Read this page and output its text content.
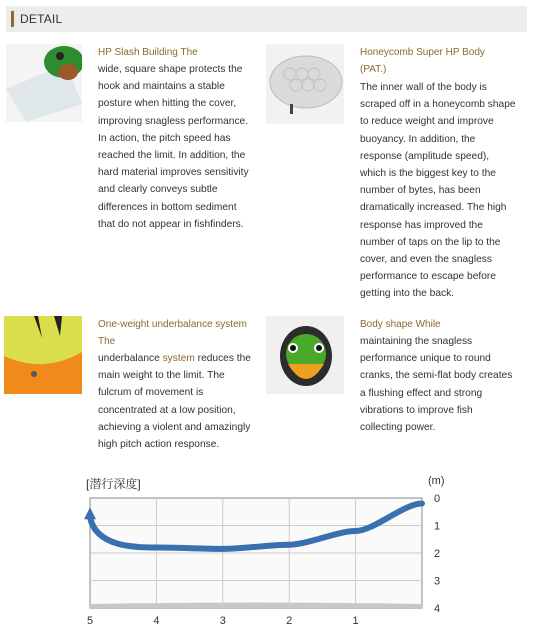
DETAIL
HP Slash Building The
wide, square shape protects the
hook and maintains a stable
posture when hitting the cover,
improving snagless performance.
In action, the pitch speed has
reached the limit. In addition, the
hard material improves sensitivity
and clearly conveys subtle
differences in bottom sediment
that do not appear in fishfinders.
Honeycomb Super HP Body
(PAT.)
The inner wall of the body is
scraped off in a honeycomb shape
to reduce weight and improve
buoyancy. In addition, the
response (amplitude speed),
which is the biggest key to the
number of bytes, has been
dramatically increased. The high
response has improved the
number of taps on the lip to the
cover, and even the snagless
performance to escape before
getting into the back.
One-weight underbalance system
The
underbalance system reduces the
main weight to the limit. The
fulcrum of movement is
concentrated at a low position,
achieving a violent and amazingly
high pitch action response.
Body shape While
maintaining the snagless
performance unique to round
cranks, the semi-flat body creates
a flushing effect and strong
vibrations to improve fish
collecting power.
[潜行深度]	(m)
5	4	3	2	1
0
1
2
3
4
